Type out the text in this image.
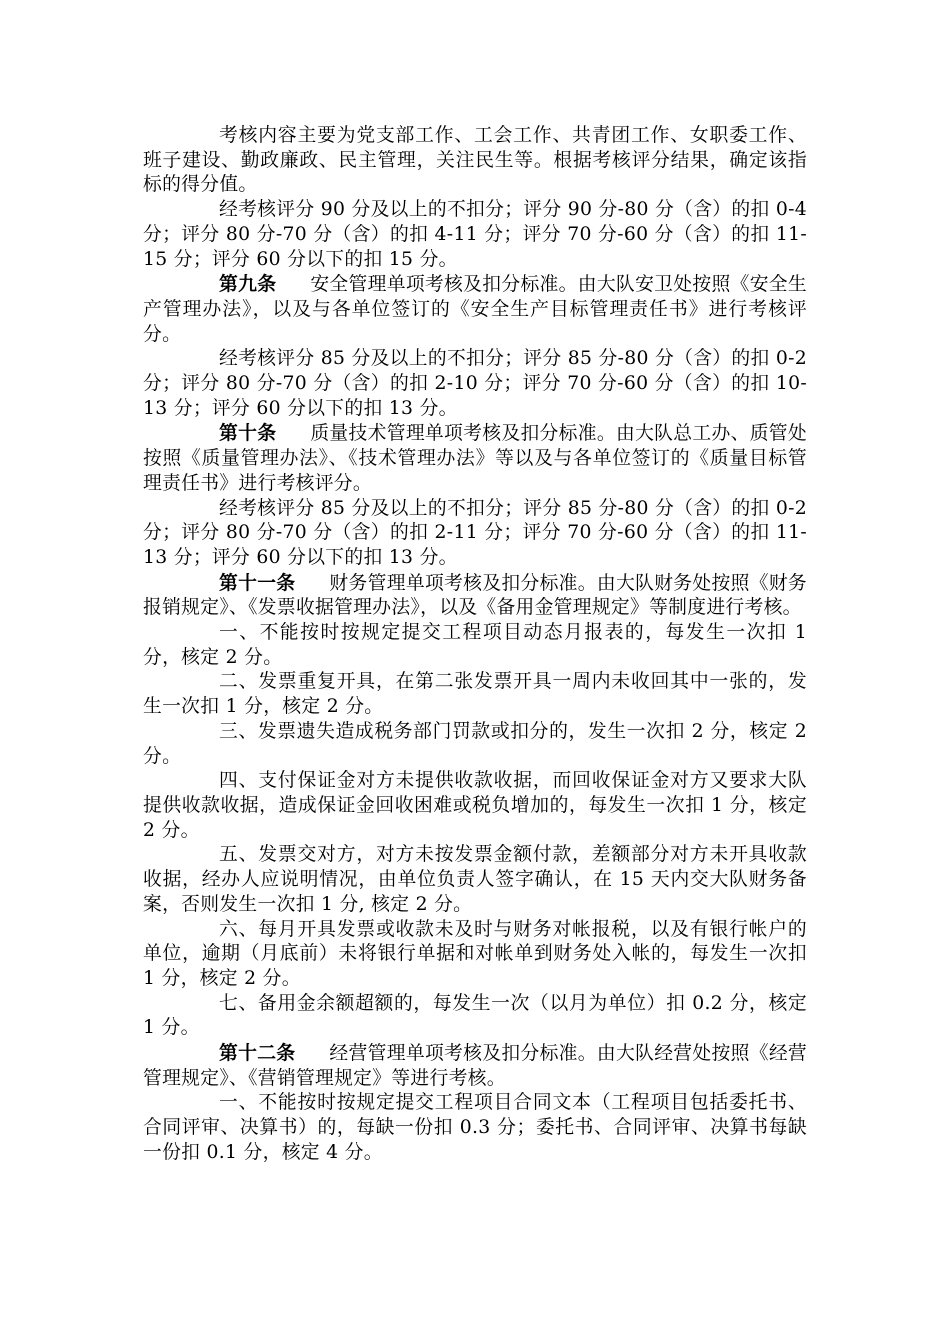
考核内容主要为党支部工作、工会工作、共青团工作、女职委工作、班子建设、勤政廉政、民主管理，关注民生等。根据考核评分结果，确定该指标的得分值。

经考核评分 90 分及以上的不扣分；评分 90 分-80 分（含）的扣 0-4 分；评分 80 分-70 分（含）的扣 4-11 分；评分 70 分-60 分（含）的扣 11-15 分；评分 60 分以下的扣 15 分。

第九条 安全管理单项考核及扣分标准。由大队安卫处按照《安全生产管理办法》，以及与各单位签订的《安全生产目标管理责任书》进行考核评分。

经考核评分 85 分及以上的不扣分；评分 85 分-80 分（含）的扣 0-2 分；评分 80 分-70 分（含）的扣 2-10 分；评分 70 分-60 分（含）的扣 10-13 分；评分 60 分以下的扣 13 分。

第十条 质量技术管理单项考核及扣分标准。由大队总工办、质管处按照《质量管理办法》、《技术管理办法》等以及与各单位签订的《质量目标管理责任书》进行考核评分。

经考核评分 85 分及以上的不扣分；评分 85 分-80 分（含）的扣 0-2 分；评分 80 分-70 分（含）的扣 2-11 分；评分 70 分-60 分（含）的扣 11-13 分；评分 60 分以下的扣 13 分。

第十一条 财务管理单项考核及扣分标准。由大队财务处按照《财务报销规定》、《发票收据管理办法》，以及《备用金管理规定》等制度进行考核。

一、不能按时按规定提交工程项目动态月报表的，每发生一次扣 1 分，核定 2 分。

二、发票重复开具，在第二张发票开具一周内未收回其中一张的，发生一次扣 1 分，核定 2 分。

三、发票遗失造成税务部门罚款或扣分的，发生一次扣 2 分，核定 2 分。

四、支付保证金对方未提供收款收据，而回收保证金对方又要求大队提供收款收据，造成保证金回收困难或税负增加的，每发生一次扣 1 分，核定 2 分。

五、发票交对方，对方未按发票金额付款，差额部分对方未开具收款收据，经办人应说明情况，由单位负责人签字确认，在 15 天内交大队财务备案，否则发生一次扣 1 分, 核定 2 分。

六、每月开具发票或收款未及时与财务对帐报税，以及有银行帐户的单位，逾期（月底前）未将银行单据和对帐单到财务处入帐的，每发生一次扣 1 分，核定 2 分。

七、备用金余额超额的，每发生一次（以月为单位）扣 0.2 分，核定 1 分。

第十二条 经营管理单项考核及扣分标准。由大队经营处按照《经营管理规定》、《营销管理规定》等进行考核。

一、不能按时按规定提交工程项目合同文本（工程项目包括委托书、合同评审、决算书）的，每缺一份扣 0.3 分；委托书、合同评审、决算书每缺一份扣 0.1 分，核定 4 分。
